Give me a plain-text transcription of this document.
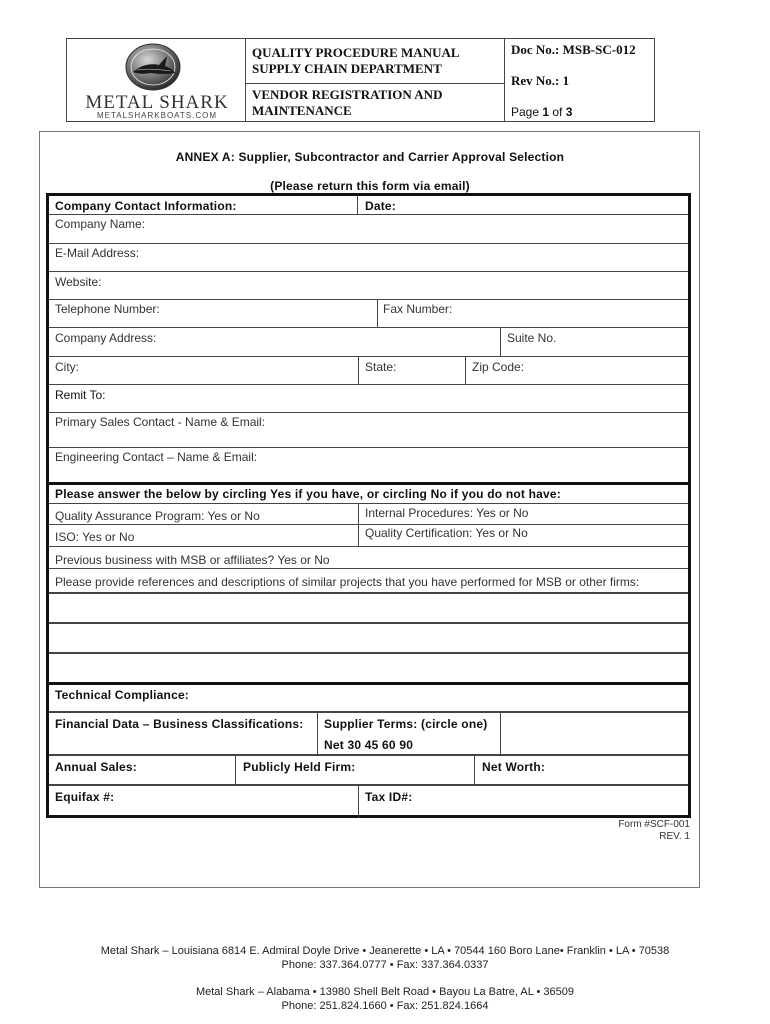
METAL SHARK
METALSHARKBOATS.COM
QUALITY PROCEDURE MANUAL
SUPPLY CHAIN DEPARTMENT
VENDOR REGISTRATION AND
MAINTENANCE
Doc No.: MSB-SC-012
Rev No.: 1
Page 1 of 3
ANNEX A: Supplier, Subcontractor and Carrier Approval Selection
(Please return this form via email)
Company Contact Information:	Date:
Company Name:
E-Mail Address:
Website:
Telephone Number:	Fax Number:
Company Address:	Suite No.
City:	State:	Zip Code:
Remit To:
Primary Sales Contact - Name & Email:
Engineering Contact – Name & Email:
Please answer the below by circling Yes if you have, or circling No if you do not have:
Quality Assurance Program: Yes or No	Internal Procedures: Yes or No
ISO: Yes or No	Quality Certification: Yes or No
Previous business with MSB or affiliates? Yes or No
Please provide references and descriptions of similar projects that you have performed for MSB or other firms:
Technical Compliance:
Financial Data – Business Classifications: Supplier Terms: (circle one)
Net 30 45 60 90
Annual Sales:	Publicly Held Firm:	Net Worth:
Equifax #:	Tax ID#:
Form #SCF-001
REV. 1
Metal Shark – Louisiana 6814 E. Admiral Doyle Drive • Jeanerette • LA • 70544 160 Boro Lane• Franklin • LA • 70538
Phone: 337.364.0777 • Fax: 337.364.0337
Metal Shark – Alabama • 13980 Shell Belt Road • Bayou La Batre, AL • 36509
Phone: 251.824.1660 • Fax: 251.824.1664
